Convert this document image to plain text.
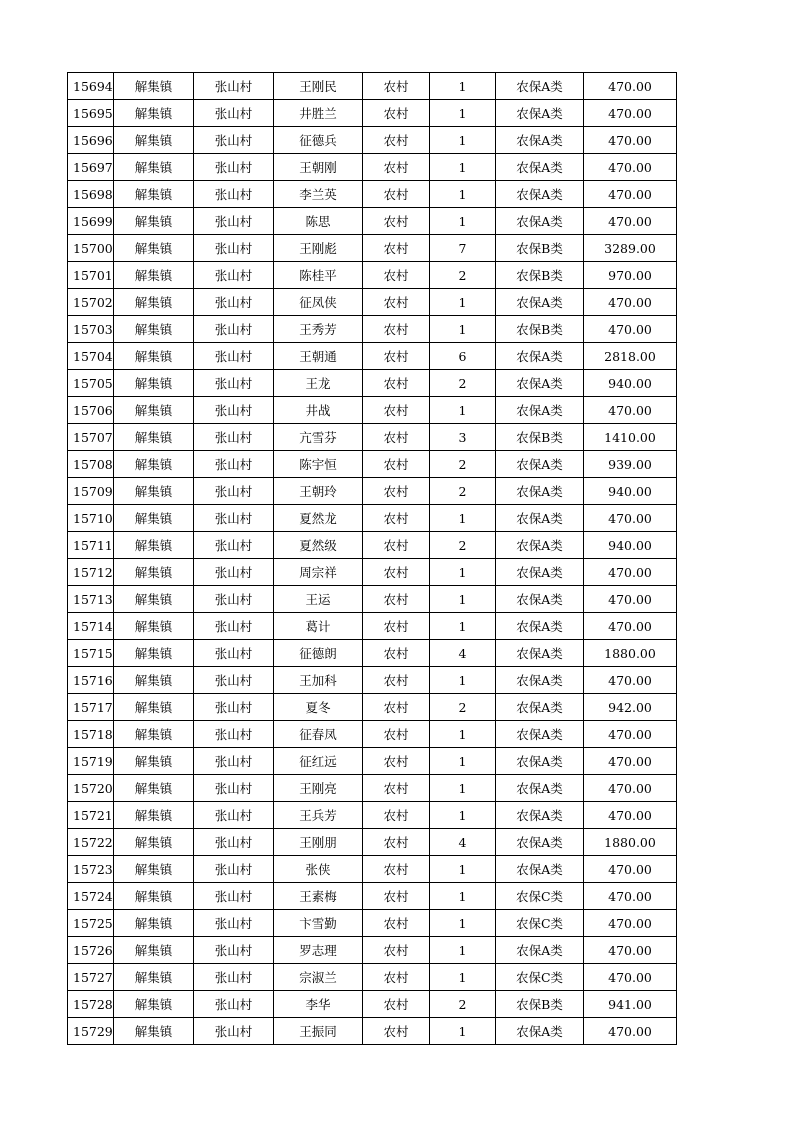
15694	解集镇	张山村	王刚民	农村	1	农保A类	470.00
15695	解集镇	张山村	井胜兰	农村	1	农保A类	470.00
15696	解集镇	张山村	征德兵	农村	1	农保A类	470.00
15697	解集镇	张山村	王朝刚	农村	1	农保A类	470.00
15698	解集镇	张山村	李兰英	农村	1	农保A类	470.00
15699	解集镇	张山村	陈思	农村	1	农保A类	470.00
15700	解集镇	张山村	王刚彪	农村	7	农保B类	3289.00
15701	解集镇	张山村	陈桂平	农村	2	农保B类	970.00
15702	解集镇	张山村	征凤侠	农村	1	农保A类	470.00
15703	解集镇	张山村	王秀芳	农村	1	农保B类	470.00
15704	解集镇	张山村	王朝通	农村	6	农保A类	2818.00
15705	解集镇	张山村	王龙	农村	2	农保A类	940.00
15706	解集镇	张山村	井战	农村	1	农保A类	470.00
15707	解集镇	张山村	亢雪芬	农村	3	农保B类	1410.00
15708	解集镇	张山村	陈宇恒	农村	2	农保A类	939.00
15709	解集镇	张山村	王朝玲	农村	2	农保A类	940.00
15710	解集镇	张山村	夏然龙	农村	1	农保A类	470.00
15711	解集镇	张山村	夏然级	农村	2	农保A类	940.00
15712	解集镇	张山村	周宗祥	农村	1	农保A类	470.00
15713	解集镇	张山村	王运	农村	1	农保A类	470.00
15714	解集镇	张山村	葛计	农村	1	农保A类	470.00
15715	解集镇	张山村	征德朗	农村	4	农保A类	1880.00
15716	解集镇	张山村	王加科	农村	1	农保A类	470.00
15717	解集镇	张山村	夏冬	农村	2	农保A类	942.00
15718	解集镇	张山村	征春凤	农村	1	农保A类	470.00
15719	解集镇	张山村	征红远	农村	1	农保A类	470.00
15720	解集镇	张山村	王刚亮	农村	1	农保A类	470.00
15721	解集镇	张山村	王兵芳	农村	1	农保A类	470.00
15722	解集镇	张山村	王刚朋	农村	4	农保A类	1880.00
15723	解集镇	张山村	张侠	农村	1	农保A类	470.00
15724	解集镇	张山村	王素梅	农村	1	农保C类	470.00
15725	解集镇	张山村	卞雪勤	农村	1	农保C类	470.00
15726	解集镇	张山村	罗志理	农村	1	农保A类	470.00
15727	解集镇	张山村	宗淑兰	农村	1	农保C类	470.00
15728	解集镇	张山村	李华	农村	2	农保B类	941.00
15729	解集镇	张山村	王振同	农村	1	农保A类	470.00
